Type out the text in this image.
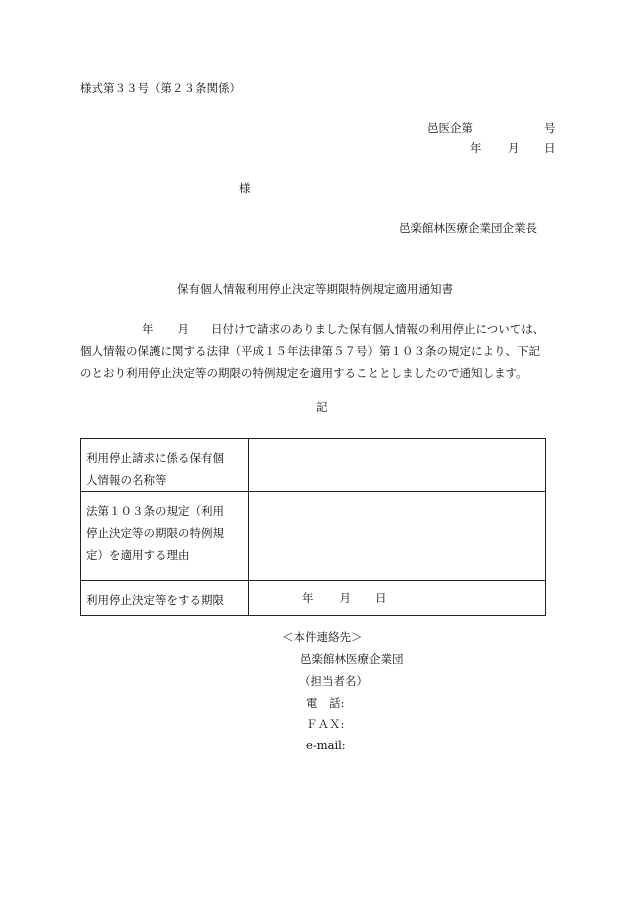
様式第３３号（第２３条関係）
邑医企第	号
年 月 日
様
邑楽館林医療企業団企業長
保有個人情報利用停止決定等期限特例規定適用通知書

年 月 日付けで請求のありました保有個人情報の利用停止については、

個人情報の保護に関する法律（平成１５年法律第５７号）第１０３条の規定により、下記

のとおり利用停止決定等の期限の特例規定を適用することとしましたので通知します。

記
利用停止請求に係る保有個
人情報の名称等	

法第１０３条の規定（利用
停止決定等の期限の特例規
定）を適用する理由	

利用停止決定等をする期限	年 月 日
＜本件連絡先＞
邑楽館林医療企業団
（担当者名）
電　話:
ＦＡＸ:
e-mail:
